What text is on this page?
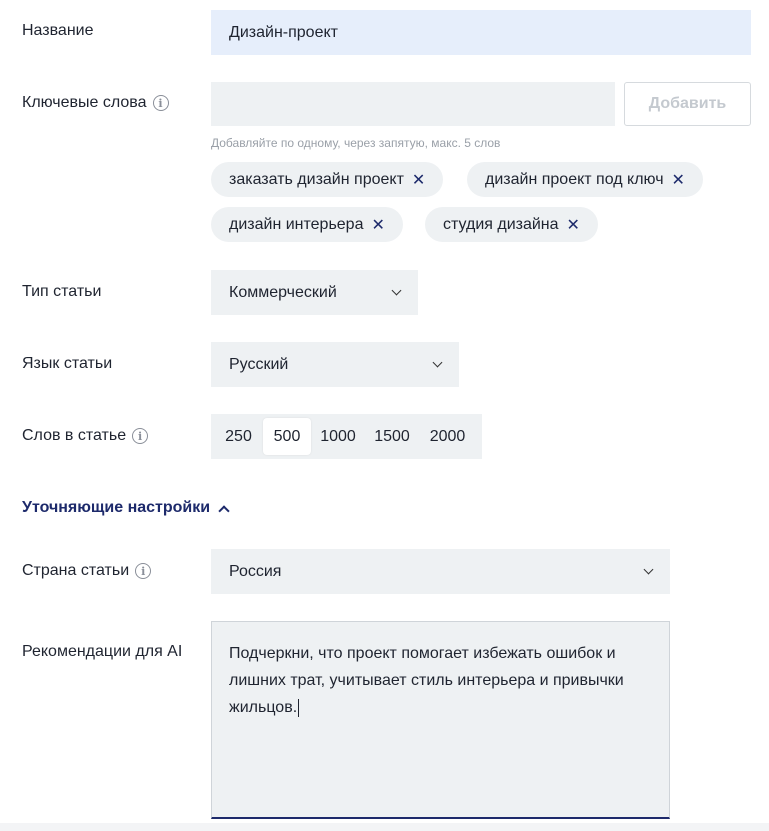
Название	Дизайн-проект
Ключевые слова	i	Добавить
Добавляйте по одному, через запятую, макс. 5 слов
заказать дизайн проект ✕	дизайн проект под ключ ✕
дизайн интерьера ✕	студия дизайна ✕
Тип статьи	Коммерческий
Язык статьи	Русский
Слов в статье	i	250	500	1000	1500	2000
Уточняющие настройки
Страна статьи	i	Россия
Рекомендации для AI	Подчеркни, что проект помогает избежать ошибок и лишних трат, учитывает стиль интерьера и привычки жильцов.
